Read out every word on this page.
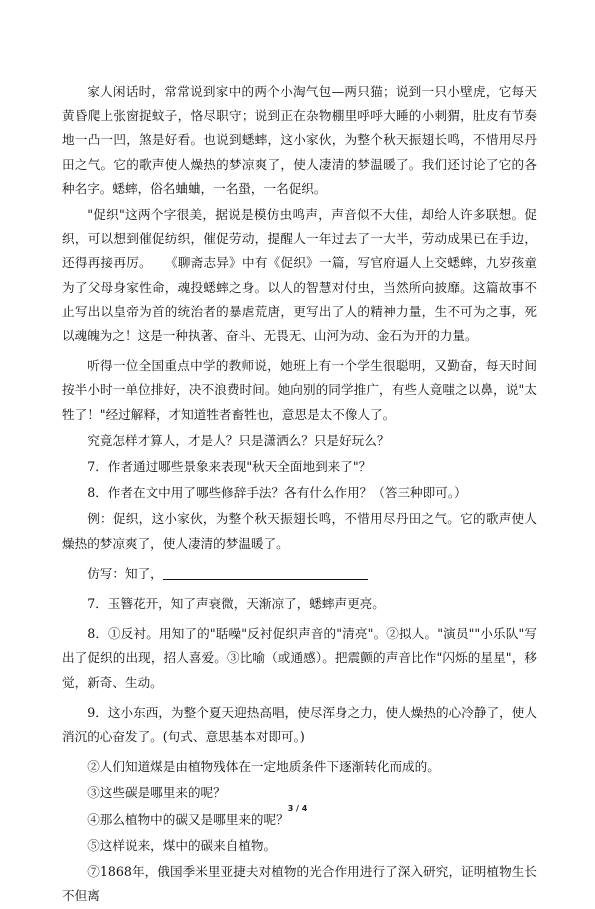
家人闲话时，常常说到家中的两个小淘气包—两只猫；说到一只小壁虎，它每天黄昏爬上张窗捉蚊子，恪尽职守；说到正在杂物棚里呼呼大睡的小刺猬，肚皮有节奏地一凸一凹，煞是好看。也说到蟋蟀，这小家伙，为整个秋天振翅长鸣，不惜用尽丹田之气。它的歌声使人燥热的梦凉爽了，使人凄清的梦温暖了。我们还讨论了它的各种名字。蟋蟀，俗名蛐蛐，一名蛩，一名促织。

"促织"这两个字很美，据说是模仿虫鸣声，声音似不大佳，却给人许多联想。促织，可以想到催促纺织，催促劳动，提醒人一年过去了一大半，劳动成果已在手边，还得再接再厉。　　《聊斋志异》中有《促织》一篇，写官府逼人上交蟋蟀，九岁孩童为了父母身家性命，魂投蟋蟀之身。以人的智慧对付虫，当然所向披靡。这篇故事不止写出以皇帝为首的统治者的暴虐荒唐，更写出了人的精神力量，生不可为之事，死以魂魄为之！这是一种执著、奋斗、无畏无、山河为动、金石为开的力量。

听得一位全国重点中学的教师说，她班上有一个学生很聪明，又勤奋，每天时间按半小时一单位排好，决不浪费时间。她向别的同学推广，有些人竟嗤之以鼻，说"太牲了！"经过解释，才知道牲者畜牲也，意思是太不像人了。

究竟怎样才算人，才是人？只是潇洒么？只是好玩么？

7．作者通过哪些景象来表现"秋天全面地到来了"？

8．作者在文中用了哪些修辞手法？各有什么作用？（答三种即可。）

例：促织，这小家伙，为整个秋天振翅长鸣，不惜用尽丹田之气。它的歌声使人燥热的梦凉爽了，使人凄清的梦温暖了。

仿写：知了，

7．玉簪花开，知了声衰微，天渐凉了，蟋蟀声更亮。

8．①反衬。用知了的"聒噪"反衬促织声音的"清亮"。②拟人。"演员""小乐队"写出了促织的出现，招人喜爱。③比喻（或通感）。把震颤的声音比作"闪烁的星星"，移觉，新奇、生动。

9．这小东西，为整个夏天迎热高唱，使尽浑身之力，使人燥热的心冷静了，使人消沉的心奋发了。(句式、意思基本对即可。)

②人们知道煤是由植物残体在一定地质条件下逐渐转化而成的。

③这些碳是哪里来的呢？

④那么植物中的碳又是哪里来的呢？

⑤这样说来，煤中的碳来自植物。

⑦1868年，俄国季米里亚捷夫对植物的光合作用进行了深入研究，证明植物生长不但离

3 / 4
